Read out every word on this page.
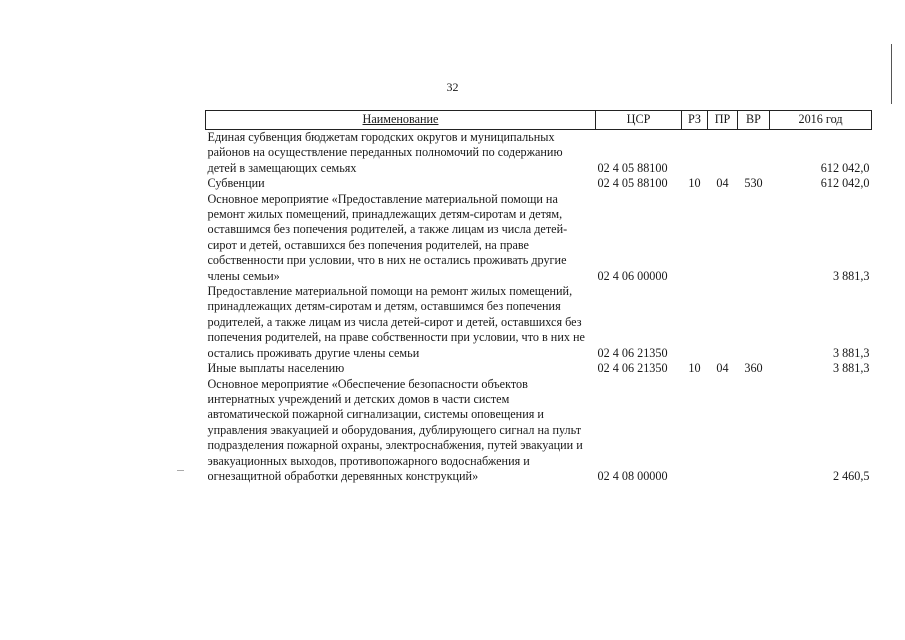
32
Наименование	ЦСР	РЗ	ПР	ВР	2016 год
Единая субвенция бюджетам городских округов и муниципальных районов на осуществление переданных полномочий по содержанию детей в замещающих семьях	02 4 05 88100				612 042,0
Субвенции	02 4 05 88100	10	04	530	612 042,0
Основное мероприятие «Предоставление материальной помощи на ремонт жилых помещений, принадлежащих детям-сиротам и детям, оставшимся без попечения родителей, а также лицам из числа детей-сирот и детей, оставшихся без попечения родителей, на праве собственности при условии, что в них не остались проживать другие члены семьи»	02 4 06 00000				3 881,3
Предоставление материальной помощи на ремонт жилых помещений, принадлежащих детям-сиротам и детям, оставшимся без попечения родителей, а также лицам из числа детей-сирот и детей, оставшихся без попечения родителей, на праве собственности при условии, что в них не остались проживать другие члены семьи	02 4 06 21350				3 881,3
Иные выплаты населению	02 4 06 21350	10	04	360	3 881,3
Основное мероприятие «Обеспечение безопасности объектов интернатных учреждений и детских домов в части систем автоматической пожарной сигнализации, системы оповещения и управления эвакуацией и оборудования, дублирующего сигнал на пульт подразделения пожарной охраны, электроснабжения, путей эвакуации и эвакуационных выходов, противопожарного водоснабжения и огнезащитной обработки деревянных конструкций»	02 4 08 00000				2 460,5
